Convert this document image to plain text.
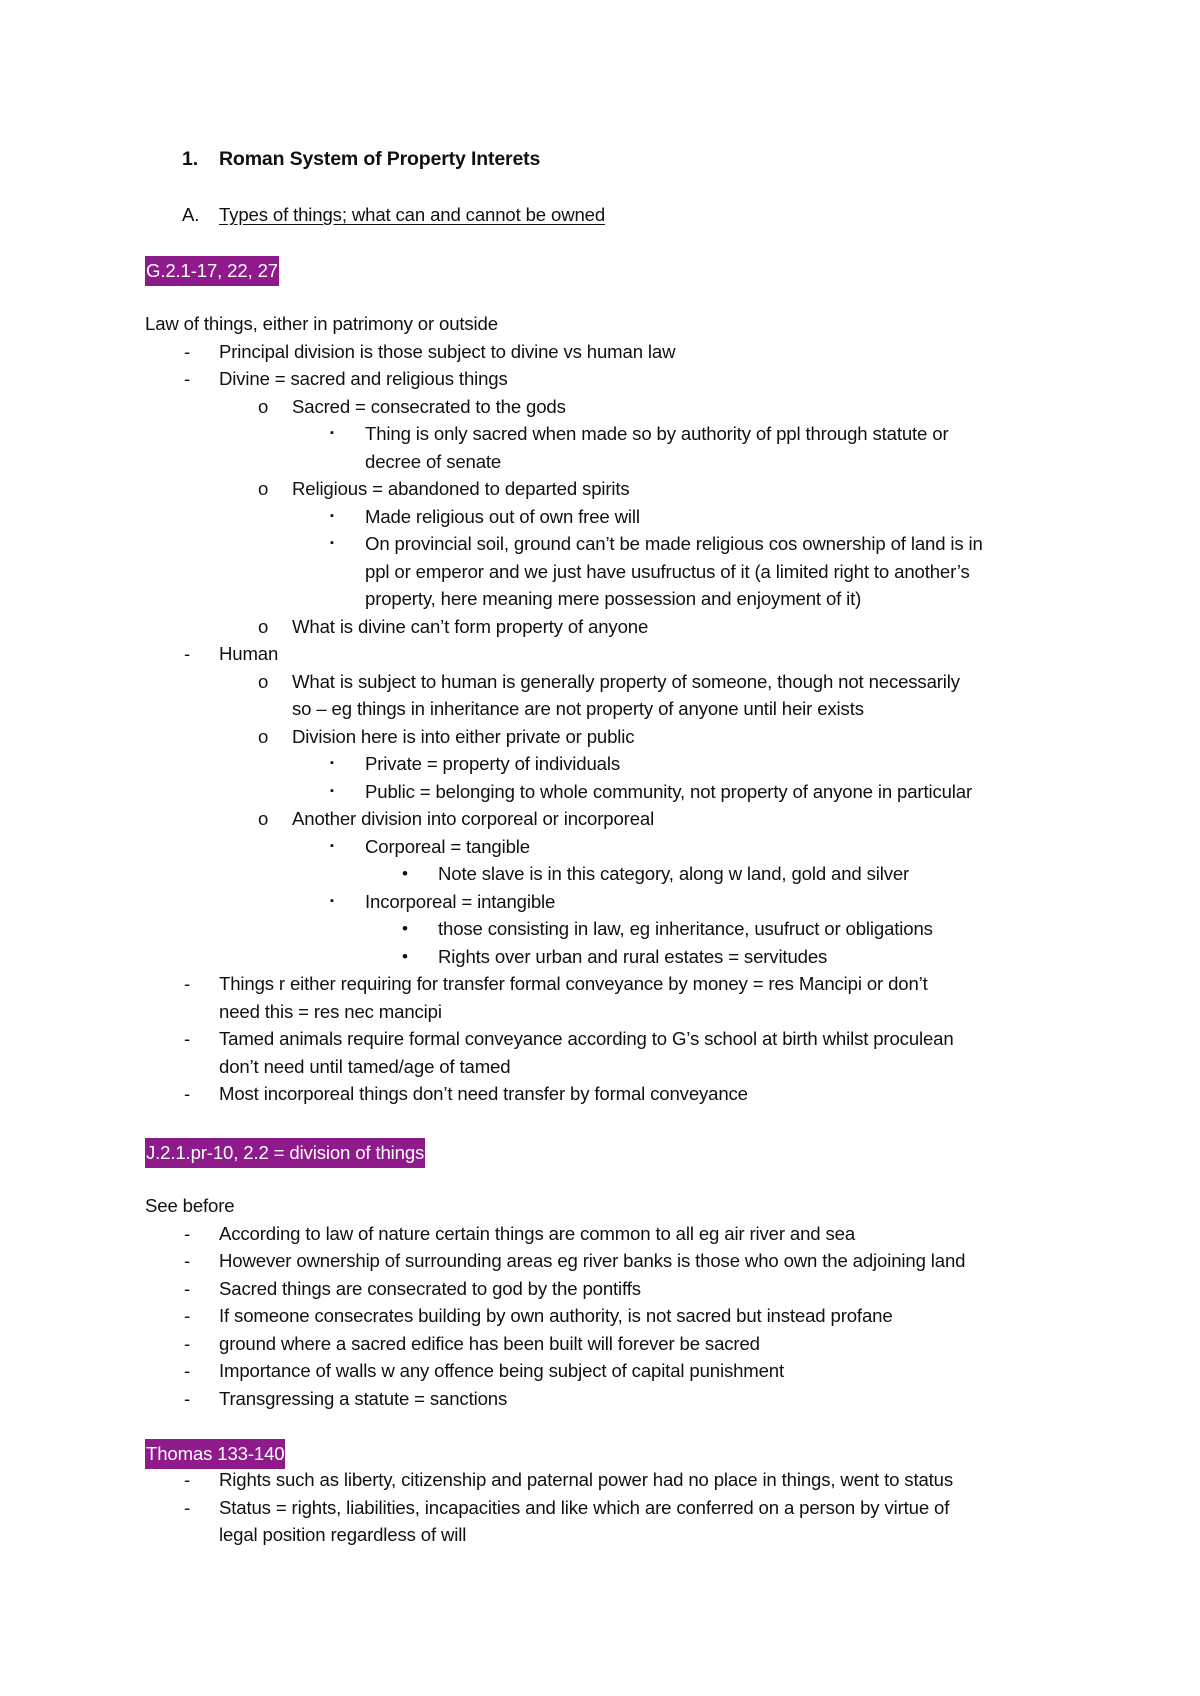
1. Roman System of Property Interets
A. Types of things; what can and cannot be owned
G.2.1-17, 22, 27
Law of things, either in patrimony or outside
- Principal division is those subject to divine vs human law
- Divine = sacred and religious things
o Sacred = consecrated to the gods
▪ Thing is only sacred when made so by authority of ppl through statute or
decree of senate
o Religious = abandoned to departed spirits
▪ Made religious out of own free will
▪ On provincial soil, ground can’t be made religious cos ownership of land is in
ppl or emperor and we just have usufructus of it (a limited right to another’s
property, here meaning mere possession and enjoyment of it)
o What is divine can’t form property of anyone
- Human
o What is subject to human is generally property of someone, though not necessarily
so – eg things in inheritance are not property of anyone until heir exists
o Division here is into either private or public
▪ Private = property of individuals
▪ Public = belonging to whole community, not property of anyone in particular
o Another division into corporeal or incorporeal
▪ Corporeal = tangible
• Note slave is in this category, along w land, gold and silver
▪ Incorporeal = intangible
• those consisting in law, eg inheritance, usufruct or obligations
• Rights over urban and rural estates = servitudes
- Things r either requiring for transfer formal conveyance by money = res Mancipi or don’t
need this = res nec mancipi
- Tamed animals require formal conveyance according to G’s school at birth whilst proculean
don’t need until tamed/age of tamed
- Most incorporeal things don’t need transfer by formal conveyance
J.2.1.pr-10, 2.2 = division of things
See before
- According to law of nature certain things are common to all eg air river and sea
- However ownership of surrounding areas eg river banks is those who own the adjoining land
- Sacred things are consecrated to god by the pontiffs
- If someone consecrates building by own authority, is not sacred but instead profane
- ground where a sacred edifice has been built will forever be sacred
- Importance of walls w any offence being subject of capital punishment
- Transgressing a statute = sanctions
Thomas 133-140
- Rights such as liberty, citizenship and paternal power had no place in things, went to status
- Status = rights, liabilities, incapacities and like which are conferred on a person by virtue of
legal position regardless of will
